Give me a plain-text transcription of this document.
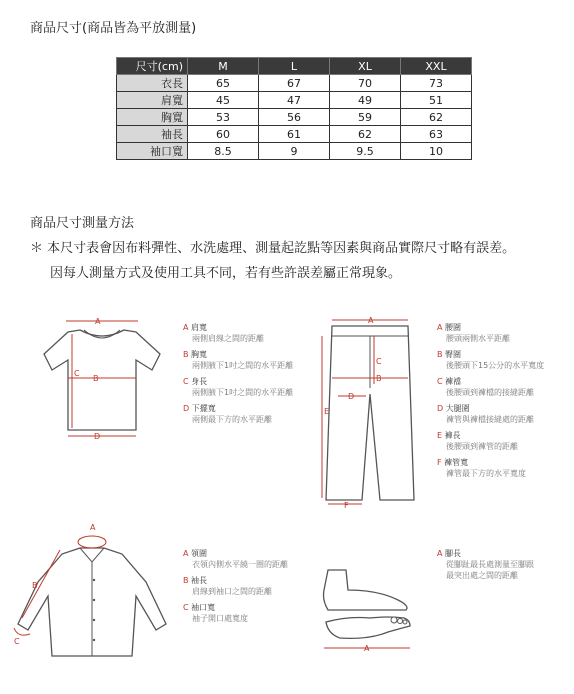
商品尺寸(商品皆為平放測量)
尺寸(cm)	M	L	XL	XXL
衣長	65	67	70	73
肩寬	45	47	49	51
胸寬	53	56	59	62
袖長	60	61	62	63
袖口寬	8.5	9	9.5	10
商品尺寸測量方法
＊ 本尺寸表會因布料彈性、水洗處理、測量起訖點等因素與商品實際尺寸略有誤差。
因每人測量方式及使用工具不同，若有些許誤差屬正常現象。
A
B
C
D
A 肩寬
兩側肩線之間的距離
B 胸寬
兩側腋下1吋之間的水平距離
C 身長
兩側腋下1吋之間的水平距離
D 下擺寬
兩側最下方的水平距離
A
B
C
D
E
F
A 腰圍
腰頭兩側水平距離
B 臀圍
後腰頭下15公分的水平寬度
C 褲襠
後腰頭到褲檔的接縫距離
D 大腿圍
褲管與褲檔接縫處的距離
E 褲長
後腰頭到褲管的距離
F 褲管寬
褲管最下方的水平寬度
A
B
C
A 領圍
衣領內側水平繞一圈的距離
B 袖長
肩線到袖口之間的距離
C 袖口寬
袖子開口處寬度
A
A 腳長
從腳趾最長處測量至腳跟
最突出處之間的距離
